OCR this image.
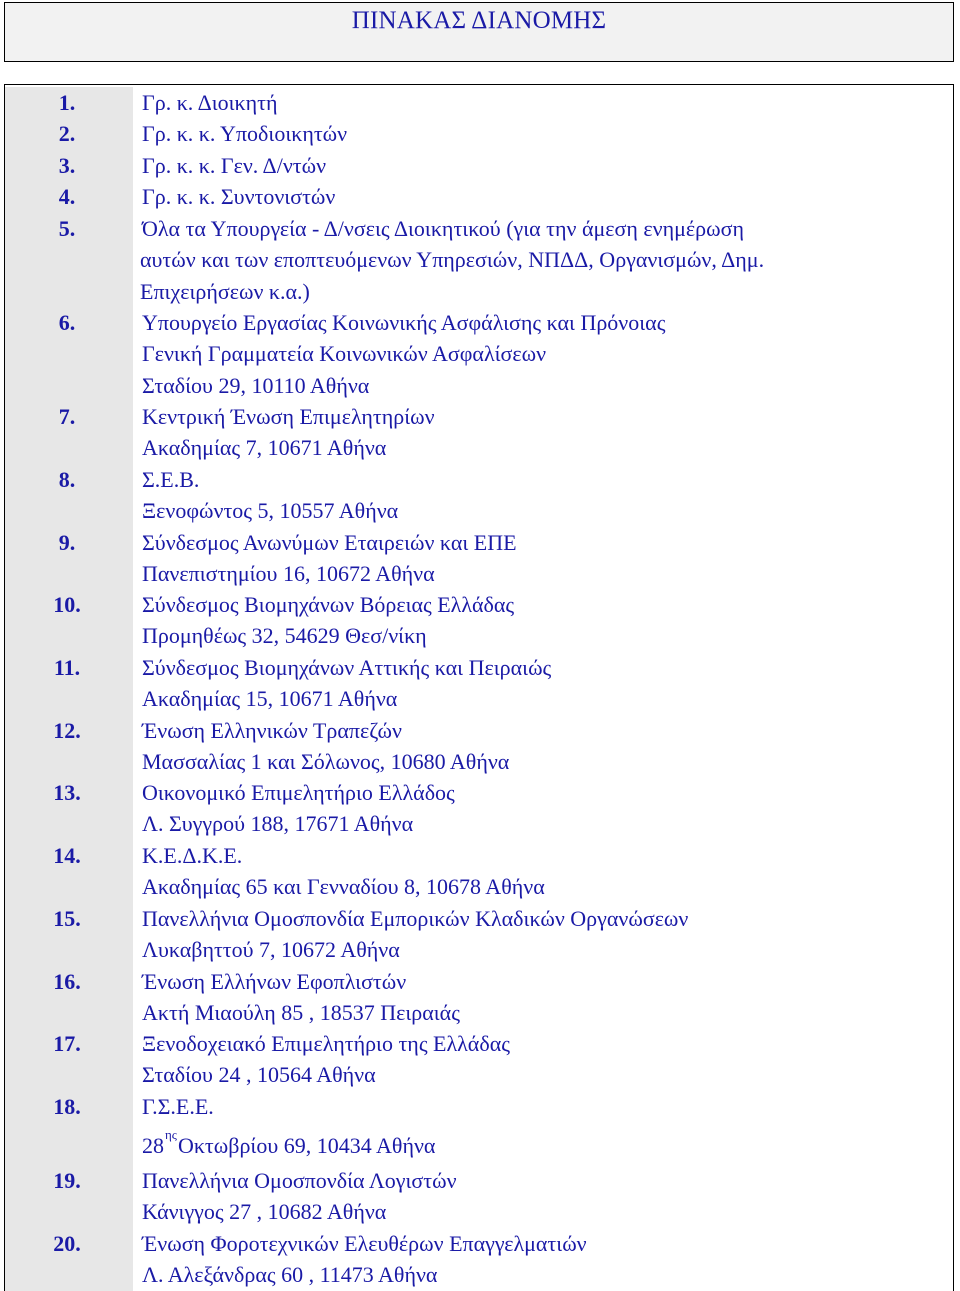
ΠΙΝΑΚΑΣ ΔΙΑΝΟΜΗΣ
1.	Γρ. κ. Διοικητή
2.	Γρ. κ. κ. Υποδιοικητών
3.	Γρ. κ. κ. Γεν. Δ/ντών
4.	Γρ. κ. κ. Συντονιστών
5.	Όλα τα Υπουργεία - Δ/νσεις Διοικητικού (για την άμεση ενημέρωση
αυτών και των εποπτευόμενων Υπηρεσιών, ΝΠΔΔ, Οργανισμών, Δημ.
Επιχειρήσεων κ.α.)
6.	Υπουργείο Εργασίας Κοινωνικής Ασφάλισης και Πρόνοιας
Γενική Γραμματεία Κοινωνικών Ασφαλίσεων
Σταδίου 29, 10110 Αθήνα
7.	Κεντρική Ένωση Επιμελητηρίων
Ακαδημίας 7, 10671 Αθήνα
8.	Σ.Ε.Β.
Ξενοφώντος 5, 10557 Αθήνα
9.	Σύνδεσμος Ανωνύμων Εταιρειών και ΕΠΕ
Πανεπιστημίου 16, 10672 Αθήνα
10.	Σύνδεσμος Βιομηχάνων Βόρειας Ελλάδας
Προμηθέως 32, 54629 Θεσ/νίκη
11.	Σύνδεσμος Βιομηχάνων Αττικής και Πειραιώς
Ακαδημίας 15, 10671 Αθήνα
12.	Ένωση Ελληνικών Τραπεζών
Μασσαλίας 1 και Σόλωνος, 10680 Αθήνα
13.	Οικονομικό Επιμελητήριο Ελλάδος
Λ. Συγγρού 188, 17671 Αθήνα
14.	Κ.Ε.Δ.Κ.Ε.
Ακαδημίας 65 και Γενναδίου 8, 10678 Αθήνα
15.	Πανελλήνια Ομοσπονδία Εμπορικών Κλαδικών Οργανώσεων
Λυκαβηττού 7, 10672 Αθήνα
16.	Ένωση Ελλήνων Εφοπλιστών
Ακτή Μιαούλη 85 , 18537 Πειραιάς
17.	Ξενοδοχειακό Επιμελητήριο της Ελλάδας
Σταδίου 24 , 10564 Αθήνα
18.	Γ.Σ.Ε.Ε.
$28^{\eta\varsigma}O\kappa\tau\omega\beta\rho ίo\upsilon$ 69, 10434 Αθήνα
19.	Πανελλήνια Ομοσπονδία Λογιστών
Κάνιγγος 27 , 10682 Αθήνα
20.	Ένωση Φοροτεχνικών Ελευθέρων Επαγγελματιών
Λ. Αλεξάνδρας 60 , 11473 Αθήνα
